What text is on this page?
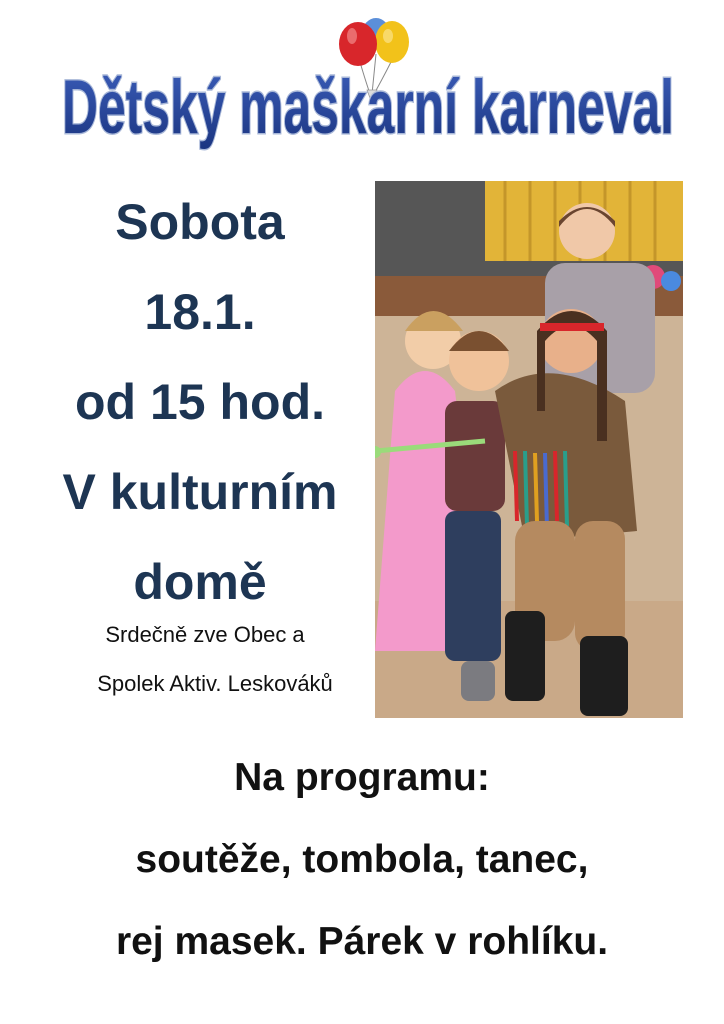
Dětský maškarní karneval
Sobota
18.1.
od 15 hod.
V kulturním
domě
Srdečně zve Obec a
Spolek Aktiv. Leskováků
Na programu:
soutěže, tombola, tanec,
rej masek. Párek v rohlíku.
